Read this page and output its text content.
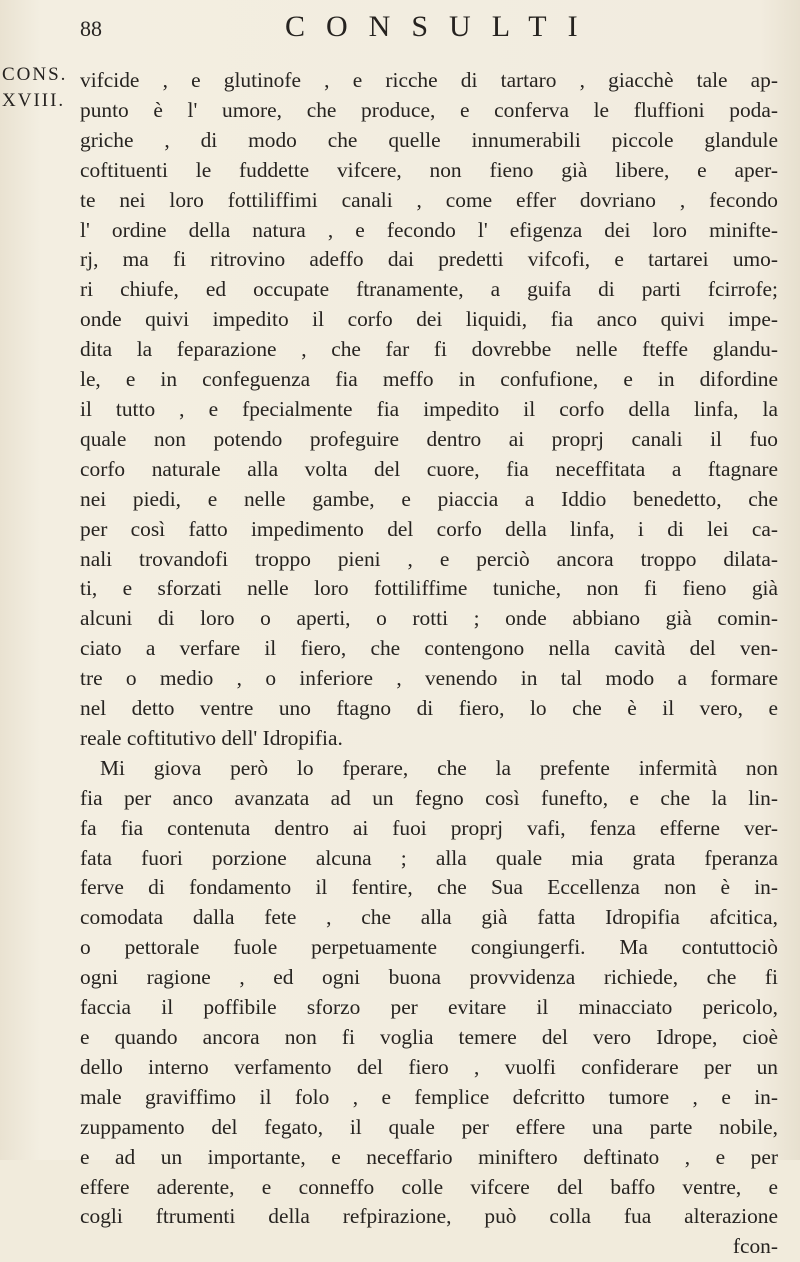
88	CONSULTI
CONS.
XVIII.
vifcide , e glutinofe , e ricche di tartaro , giacchè tale ap-
punto è l' umore, che produce, e conferva le fluffioni poda-
griche , di modo che quelle innumerabili piccole glandule
coftituenti le fuddette vifcere, non fieno già libere, e aper-
te nei loro fottiliffimi canali , come effer dovriano , fecondo
l' ordine della natura , e fecondo l' efigenza dei loro minifte-
rj, ma fi ritrovino adeffo dai predetti vifcofi, e tartarei umo-
ri chiufe, ed occupate ftranamente, a guifa di parti fcirrofe;
onde quivi impedito il corfo dei liquidi, fia anco quivi impe-
dita la feparazione , che far fi dovrebbe nelle fteffe glandu-
le, e in confeguenza fia meffo in confufione, e in difordine
il tutto , e fpecialmente fia impedito il corfo della linfa, la
quale non potendo profeguire dentro ai proprj canali il fuo
corfo naturale alla volta del cuore, fia neceffitata a ftagnare
nei piedi, e nelle gambe, e piaccia a Iddio benedetto, che
per così fatto impedimento del corfo della linfa, i di lei ca-
nali trovandofi troppo pieni , e perciò ancora troppo dilata-
ti, e sforzati nelle loro fottiliffime tuniche, non fi fieno già
alcuni di loro o aperti, o rotti ; onde abbiano già comin-
ciato a verfare il fiero, che contengono nella cavità del ven-
tre o medio , o inferiore , venendo in tal modo a formare
nel detto ventre uno ftagno di fiero, lo che è il vero, e
reale coftitutivo dell' Idropifia.
Mi giova però lo fperare, che la prefente infermità non
fia per anco avanzata ad un fegno così funefto, e che la lin-
fa fia contenuta dentro ai fuoi proprj vafi, fenza efferne ver-
fata fuori porzione alcuna ; alla quale mia grata fperanza
ferve di fondamento il fentire, che Sua Eccellenza non è in-
comodata dalla fete , che alla già fatta Idropifia afcitica,
o pettorale fuole perpetuamente congiungerfi. Ma contuttociò
ogni ragione , ed ogni buona provvidenza richiede, che fi
faccia il poffibile sforzo per evitare il minacciato pericolo,
e quando ancora non fi voglia temere del vero Idrope, cioè
dello interno verfamento del fiero , vuolfi confiderare per un
male graviffimo il folo , e femplice defcritto tumore , e in-
zuppamento del fegato, il quale per effere una parte nobile,
e ad un importante, e neceffario miniftero deftinato , e per
effere aderente, e conneffo colle vifcere del baffo ventre, e
cogli ftrumenti della refpirazione, può colla fua alterazione
fcon-
